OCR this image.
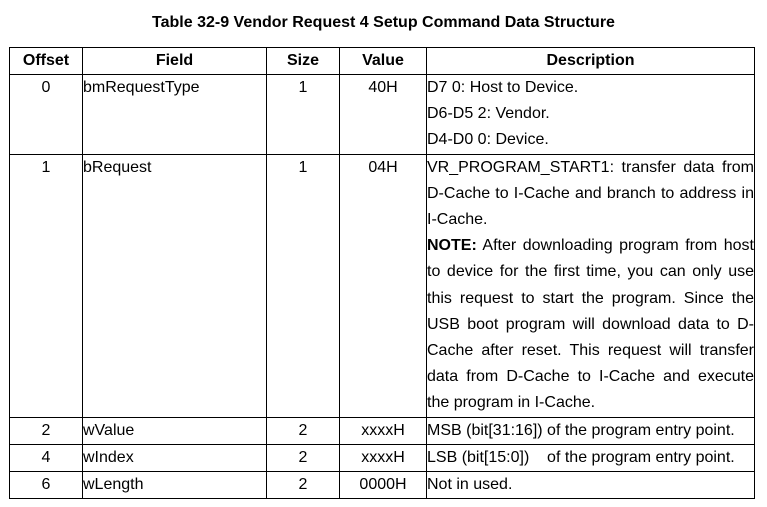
Table 32-9 Vendor Request 4 Setup Command Data Structure
Offset	Field	Size	Value	Description
0	bmRequestType	1	40H	D7 0: Host to Device.
D6-D5 2: Vendor.
D4-D0 0: Device.

1	bRequest	1	04H	VR_PROGRAM_START1: transfer data from D-Cache to I-Cache and branch to address in I-Cache.
NOTE: After downloading program from host to device for the first time, you can only use this request to start the program. Since the USB boot program will download data to D-Cache after reset. This request will transfer data from D-Cache to I-Cache and execute the program in I-Cache.

2	wValue	2	xxxxH	MSB (bit[31:16]) of the program entry point.
4	wIndex	2	xxxxH	LSB (bit[15:0])    of the program entry point.
6	wLength	2	0000H	Not in used.
